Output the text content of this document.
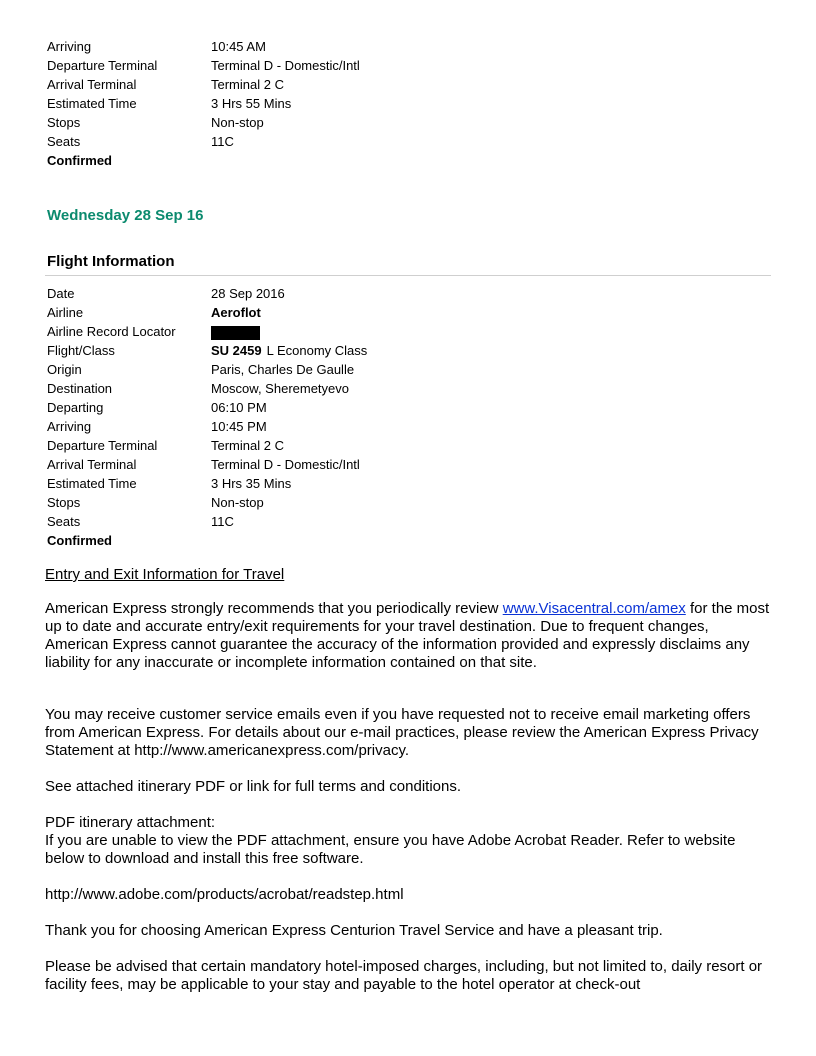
Arriving	10:45 AM
Departure Terminal	Terminal D - Domestic/Intl
Arrival Terminal	Terminal 2 C
Estimated Time	3 Hrs 55 Mins
Stops	Non-stop
Seats	11C
Confirmed
Wednesday 28 Sep 16
Flight Information
Date	28 Sep 2016
Airline	Aeroflot
Airline Record Locator
Flight/Class	SU 2459 L Economy Class
Origin	Paris, Charles De Gaulle
Destination	Moscow, Sheremetyevo
Departing	06:10 PM
Arriving	10:45 PM
Departure Terminal	Terminal 2 C
Arrival Terminal	Terminal D - Domestic/Intl
Estimated Time	3 Hrs 35 Mins
Stops	Non-stop
Seats	11C
Confirmed
Entry and Exit Information for Travel

American Express strongly recommends that you periodically review www.Visacentral.com/amex for the most up to date and accurate entry/exit requirements for your travel destination. Due to frequent changes, American Express cannot guarantee the accuracy of the information provided and expressly disclaims any liability for any inaccurate or incomplete information contained on that site.

You may receive customer service emails even if you have requested not to receive email marketing offers from American Express. For details about our e-mail practices, please review the American Express Privacy Statement at http://www.americanexpress.com/privacy.

See attached itinerary PDF or link for full terms and conditions.

PDF itinerary attachment:

If you are unable to view the PDF attachment, ensure you have Adobe Acrobat Reader. Refer to website below to download and install this free software.

http://www.adobe.com/products/acrobat/readstep.html

Thank you for choosing American Express Centurion Travel Service and have a pleasant trip.

Please be advised that certain mandatory hotel-imposed charges, including, but not limited to, daily resort or facility fees, may be applicable to your stay and payable to the hotel operator at check-out
